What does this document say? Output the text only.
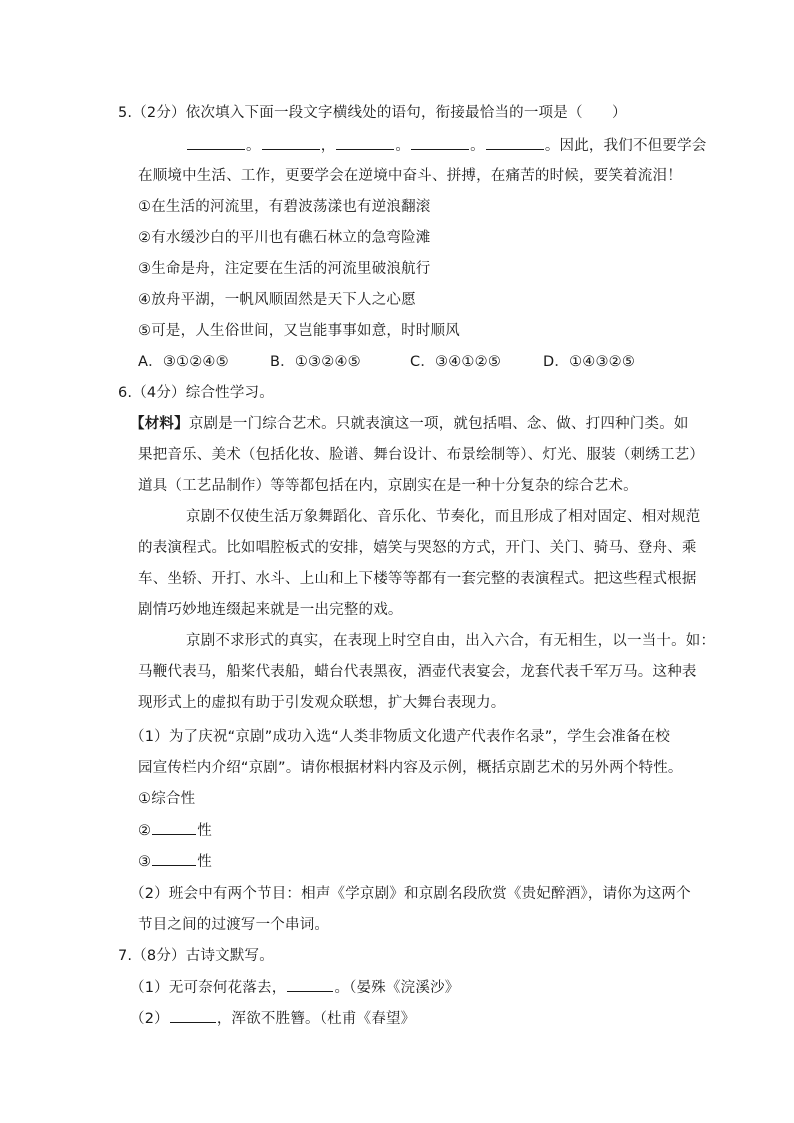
5.（2分）依次填入下面一段文字横线处的语句，衔接最恰当的一项是（　　）
。	，	。	。	。因此，我们不但要学会
在顺境中生活、工作，更要学会在逆境中奋斗、拼搏，在痛苦的时候，要笑着流泪！
①在生活的河流里，有碧波荡漾也有逆浪翻滚
②有水缓沙白的平川也有礁石林立的急弯险滩
③生命是舟，注定要在生活的河流里破浪航行
④放舟平湖，一帆风顺固然是天下人之心愿
⑤可是，人生俗世间，又岂能事事如意，时时顺风
A．③①②④⑤	B．①③②④⑤	C．③④①②⑤	D．①④③②⑤
6.（4分）综合性学习。
【材料】京剧是一门综合艺术。只就表演这一项，就包括唱、念、做、打四种门类。如
果把音乐、美术（包括化妆、脸谱、舞台设计、布景绘制等）、灯光、服装（刺绣工艺）
道具（工艺品制作）等等都包括在内，京剧实在是一种十分复杂的综合艺术。
京剧不仅使生活万象舞蹈化、音乐化、节奏化，而且形成了相对固定、相对规范
的表演程式。比如唱腔板式的安排，嬉笑与哭怒的方式，开门、关门、骑马、登舟、乘
车、坐轿、开打、水斗、上山和上下楼等等都有一套完整的表演程式。把这些程式根据
剧情巧妙地连缀起来就是一出完整的戏。
京剧不求形式的真实，在表现上时空自由，出入六合，有无相生，以一当十。如：
马鞭代表马，船桨代表船，蜡台代表黑夜，酒壶代表宴会，龙套代表千军万马。这种表
现形式上的虚拟有助于引发观众联想，扩大舞台表现力。
（1）为了庆祝“京剧”成功入选“人类非物质文化遗产代表作名录”，学生会准备在校
园宣传栏内介绍“京剧”。请你根据材料内容及示例，概括京剧艺术的另外两个特性。
①综合性
②	性
③	性
（2）班会中有两个节目：相声《学京剧》和京剧名段欣赏《贵妃醉酒》，请你为这两个
节目之间的过渡写一个串词。
7.（8分）古诗文默写。
（1）无可奈何花落去，	。（晏殊《浣溪沙》
（2）	，浑欲不胜簪。（杜甫《春望》
